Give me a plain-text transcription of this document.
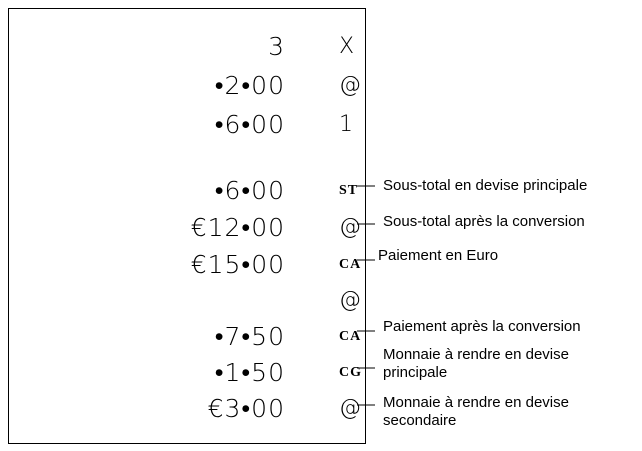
3 X
•2•00 @
•6•00 1
•6•00	ST
€12•00 @
€15•00	CA
@
•7•50	CA
•1•50	CG
€3•00 @
Sous-total en devise principale
Sous-total après la conversion
Paiement en Euro
Paiement après la conversion
Monnaie à rendre en devise
principale
Monnaie à rendre en devise
secondaire
